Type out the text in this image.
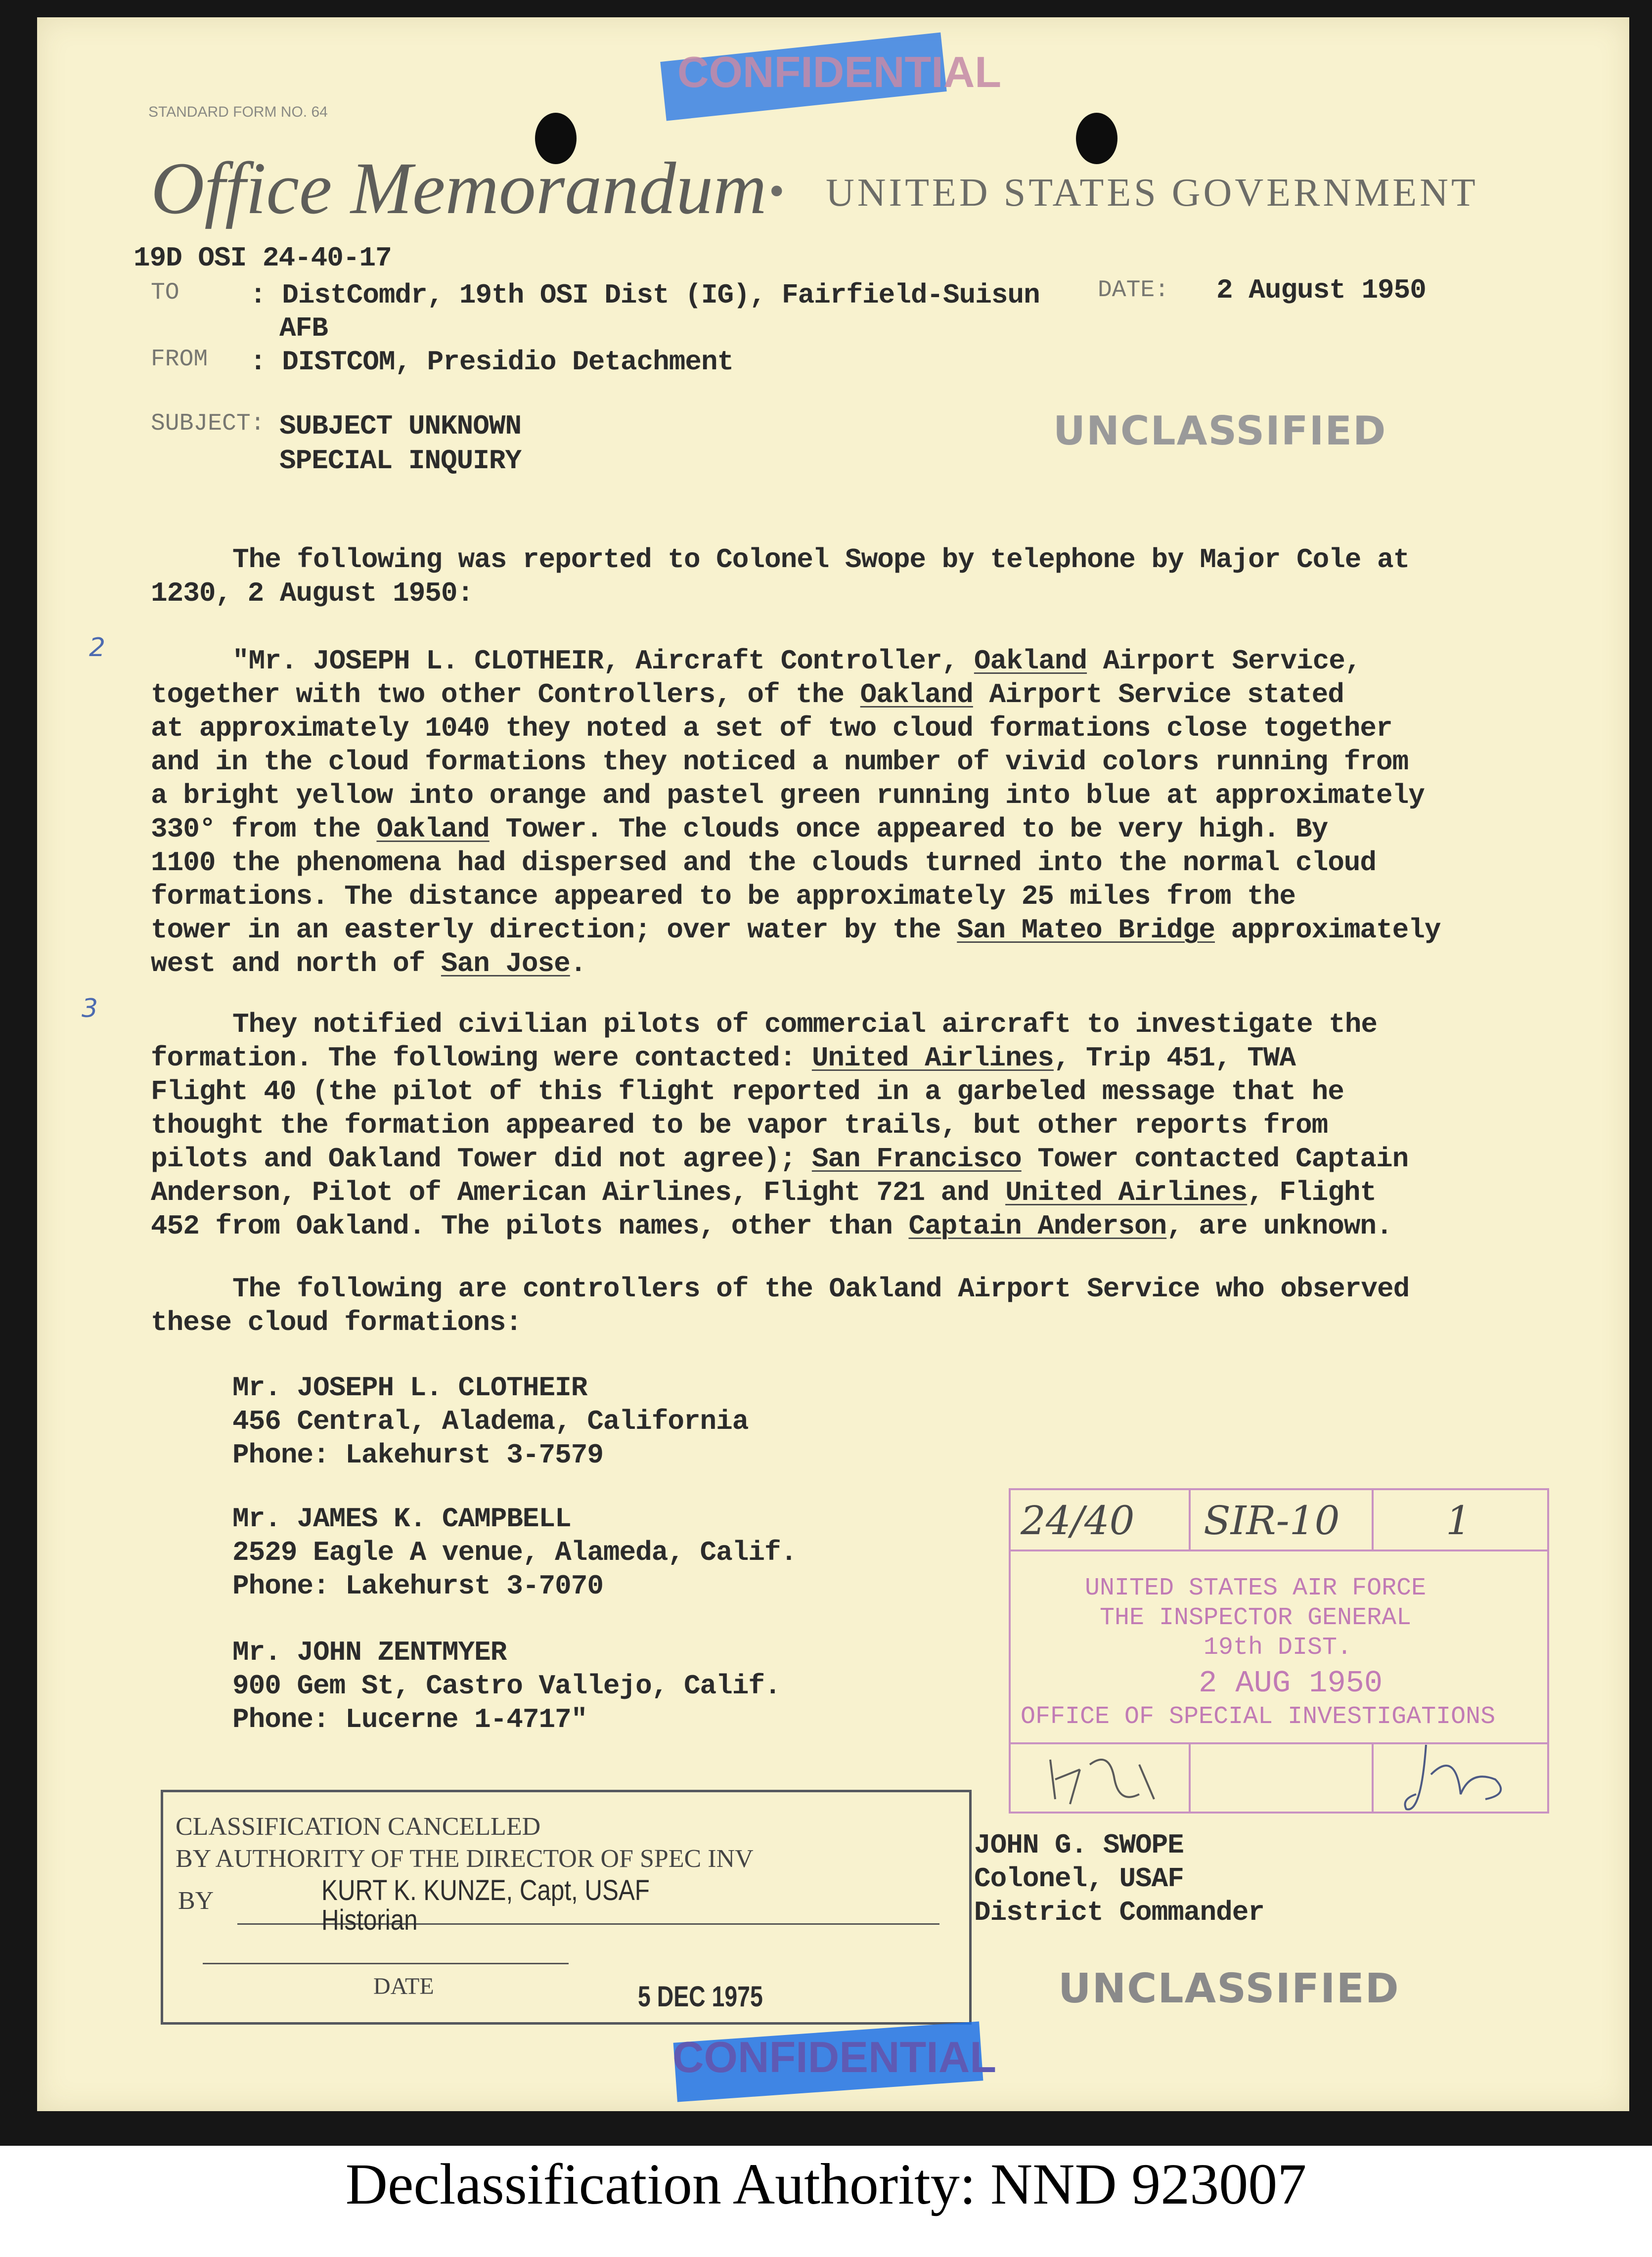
CONFIDENTIAL
STANDARD FORM NO. 64
Office Memorandum • UNITED STATES GOVERNMENT
19D OSI 24-40-17
TO	: DistComdr, 19th OSI Dist (IG), Fairfield-Suisun
AFB
DATE: 2 August 1950
FROM : DISTCOM, Presidio Detachment
SUBJECT: SUBJECT UNKNOWN
SPECIAL INQUIRY
UNCLASSIFIED
The following was reported to Colonel Swope by telephone by Major Cole at
1230, 2 August 1950:
2	"Mr. JOSEPH L. CLOTHEIR, Aircraft Controller, Oakland Airport Service,
together with two other Controllers, of the Oakland Airport Service stated
at approximately 1040 they noted a set of two cloud formations close together
and in the cloud formations they noticed a number of vivid colors running from
a bright yellow into orange and pastel green running into blue at approximately
330° from the Oakland Tower. The clouds once appeared to be very high. By
1100 the phenomena had dispersed and the clouds turned into the normal cloud
formations. The distance appeared to be approximately 25 miles from the
tower in an easterly direction; over water by the San Mateo Bridge approximately
west and north of San Jose.
3	They notified civilian pilots of commercial aircraft to investigate the
formation. The following were contacted: United Airlines, Trip 451, TWA
Flight 40 (the pilot of this flight reported in a garbeled message that he
thought the formation appeared to be vapor trails, but other reports from
pilots and Oakland Tower did not agree); San Francisco Tower contacted Captain
Anderson, Pilot of American Airlines, Flight 721 and United Airlines, Flight
452 from Oakland. The pilots names, other than Captain Anderson, are unknown.
The following are controllers of the Oakland Airport Service who observed
these cloud formations:
Mr. JOSEPH L. CLOTHEIR
456 Central, Aladema, California
Phone: Lakehurst 3-7579
Mr. JAMES K. CAMPBELL
2529 Eagle A venue, Alameda, Calif.
Phone: Lakehurst 3-7070
Mr. JOHN ZENTMYER
900 Gem St, Castro Vallejo, Calif.
Phone: Lucerne 1-4717"
24/40 SIR-10	1
UNITED STATES AIR FORCE
THE INSPECTOR GENERAL
19th DIST.
2 AUG 1950
OFFICE OF SPECIAL INVESTIGATIONS
CLASSIFICATION CANCELLED
BY AUTHORITY OF THE DIRECTOR OF SPEC INV
BY	KURT K. KUNZE, Capt, USAF
Historian
DATE	5 DEC 1975
JOHN G. SWOPE
Colonel, USAF
District Commander
UNCLASSIFIED
CONFIDENTIAL
Declassification Authority: NND 923007
